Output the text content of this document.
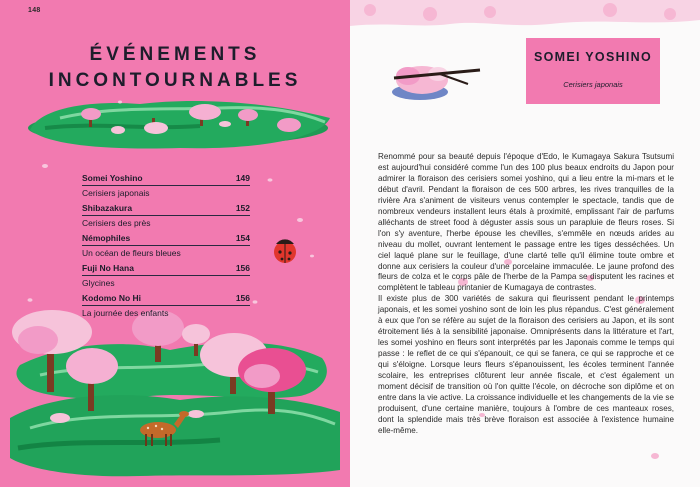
148
ÉVÉNEMENTS
INCONTOURNABLES
Somei Yoshino	149
Cerisiers japonais
Shibazakura	152
Cerisiers des près
Némophiles	154
Un océan de fleurs bleues
Fuji No Hana	156
Glycines
Kodomo No Hi	156
La journée des enfants

Renommé pour sa beauté depuis l'époque d'Edo, le Kumagaya Sakura Tsutsumi est aujourd'hui considéré comme l'un des 100 plus beaux endroits du Japon pour admirer la floraison des cerisiers somei yoshino, qui a lieu entre la mi-mars et le début d'avril. Pendant la floraison de ces 500 arbres, les rives tranquilles de la rivière Ara s'animent de visiteurs venus contempler le spectacle, tandis que de nombreux vendeurs installent leurs étals à proximité, emplissant l'air de parfums alléchants de street food à déguster assis sous un parapluie de fleurs roses. Si l'on s'y aventure, l'herbe épouse les chevilles, s'emmêle en nœuds arides au niveau du mollet, ouvrant lentement le passage entre les tiges desséchées. Un ciel laqué plane sur le feuillage, d'une clarté telle qu'il élimine toute ombre et donne aux cerisiers la couleur d'une porcelaine immaculée. Le jaune profond des fleurs de colza et le corps pâle de l'herbe de la Pampa se disputent les racines et complètent le tableau printanier de Kumagaya de contrastes.

Il existe plus de 300 variétés de sakura qui fleurissent pendant le printemps japonais, et les somei yoshino sont de loin les plus répandus. C'est généralement à eux que l'on se réfère au sujet de la floraison des cerisiers au Japon, et ils sont étroitement liés à la sensibilité japonaise. Omniprésents dans la littérature et l'art, les somei yoshino en fleurs sont interprétés par les Japonais comme le temps qui passe : le reflet de ce qui s'épanouit, ce qui se fanera, ce qui se rapproche et ce qui s'éloigne. Lorsque leurs fleurs s'épanouissent, les écoles terminent l'année scolaire, les entreprises clôturent leur année fiscale, et c'est également un moment décisif de transition où l'on quitte l'école, on décroche son diplôme et on entre dans la vie active. La croissance individuelle et les changements de la vie se produisent, d'une certaine manière, toujours à l'ombre de ces manteaux roses, dont la splendide mais très brève floraison est associée à l'existence humaine elle-même.

SOMEI YOSHINO
Cerisiers japonais
